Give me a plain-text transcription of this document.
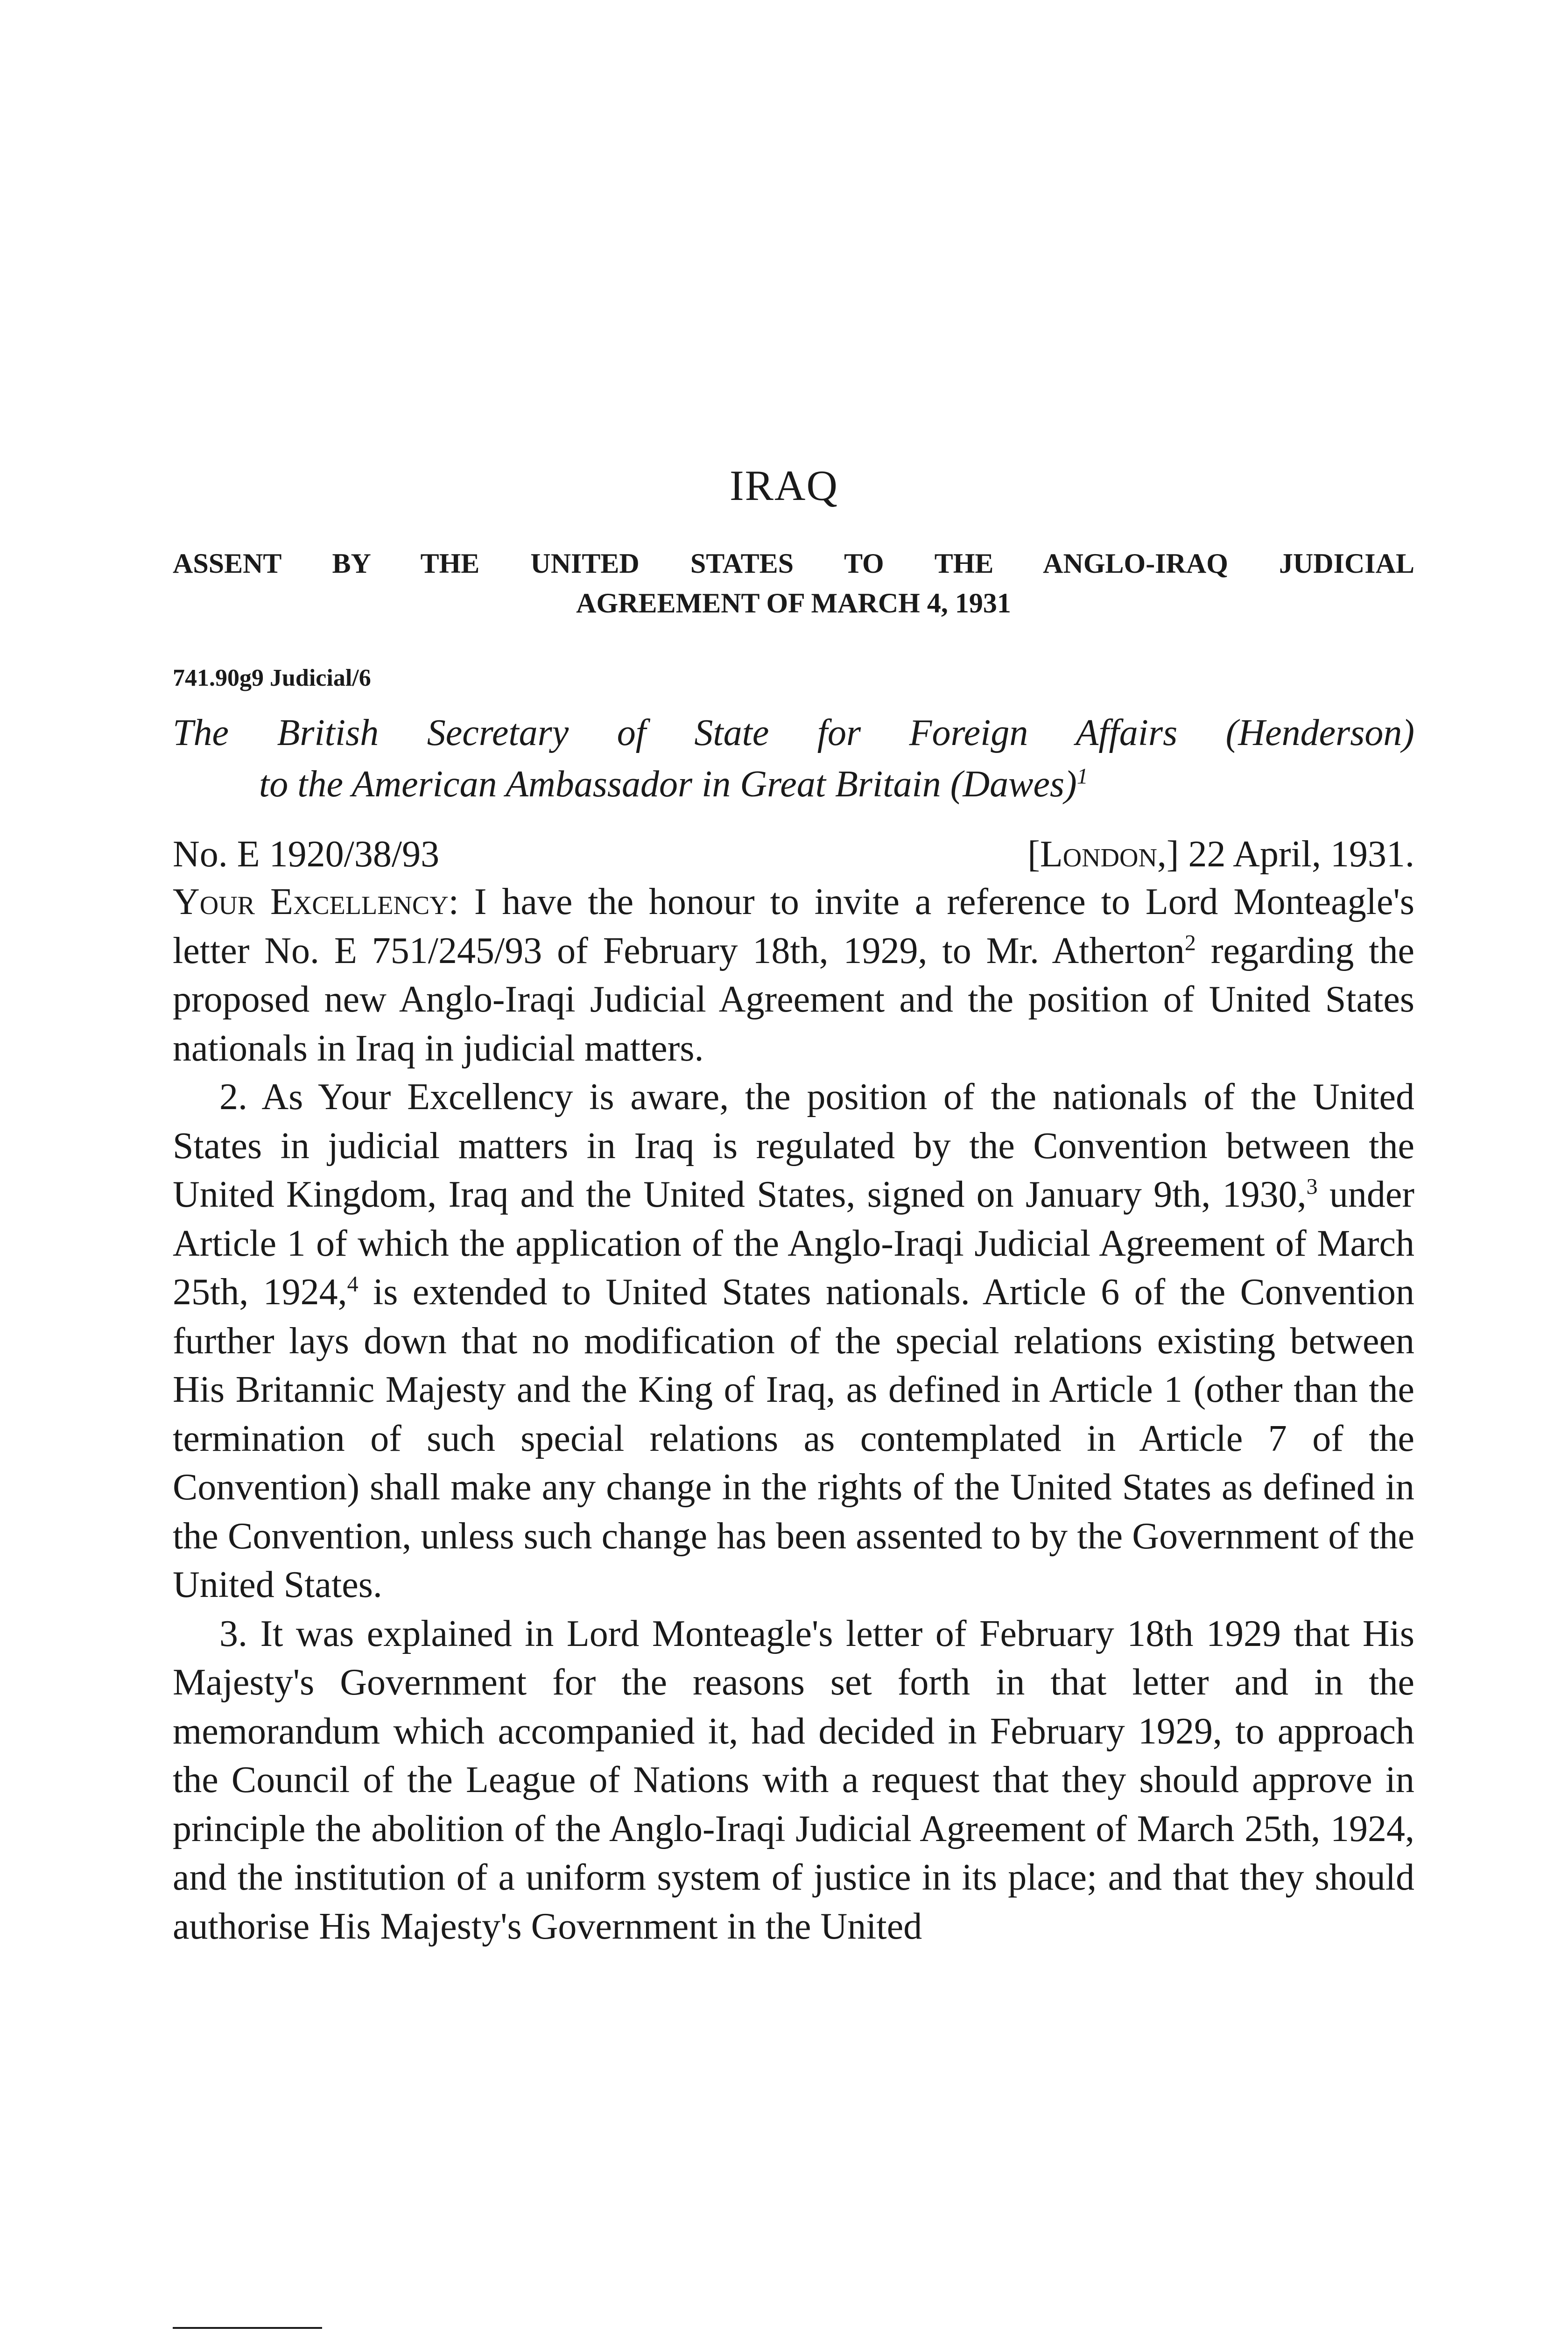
IRAQ
ASSENT BY THE UNITED STATES TO THE ANGLO-IRAQ JUDICIAL
AGREEMENT OF MARCH 4, 1931
741.90g9 Judicial/6
The British Secretary of State for Foreign Affairs (Henderson)
to the American Ambassador in Great Britain (Dawes)$^1$
No. E 1920/38/93	[London,] 22 April, 1931.

Your Excellency: I have the honour to invite a reference to Lord Monteagle's letter No. E 751/245/93 of February 18th, 1929, to Mr. Atherton$^2$ regarding the proposed new Anglo-Iraqi Judicial Agreement and the position of United States nationals in Iraq in judicial matters.

2. As Your Excellency is aware, the position of the nationals of the United States in judicial matters in Iraq is regulated by the Convention between the United Kingdom, Iraq and the United States, signed on January 9th, 1930,$^3$ under Article 1 of which the application of the Anglo-Iraqi Judicial Agreement of March 25th, 1924,$^4$ is extended to United States nationals. Article 6 of the Convention further lays down that no modification of the special relations existing between His Britannic Majesty and the King of Iraq, as defined in Article 1 (other than the termination of such special relations as contemplated in Article 7 of the Convention) shall make any change in the rights of the United States as defined in the Convention, unless such change has been assented to by the Government of the United States.

3. It was explained in Lord Monteagle's letter of February 18th 1929 that His Majesty's Government for the reasons set forth in that letter and in the memorandum which accompanied it, had decided in February 1929, to approach the Council of the League of Nations with a request that they should approve in principle the abolition of the Anglo-Iraqi Judicial Agreement of March 25th, 1924, and the institution of a uniform system of justice in its place; and that they should authorise His Majesty's Government in the United
